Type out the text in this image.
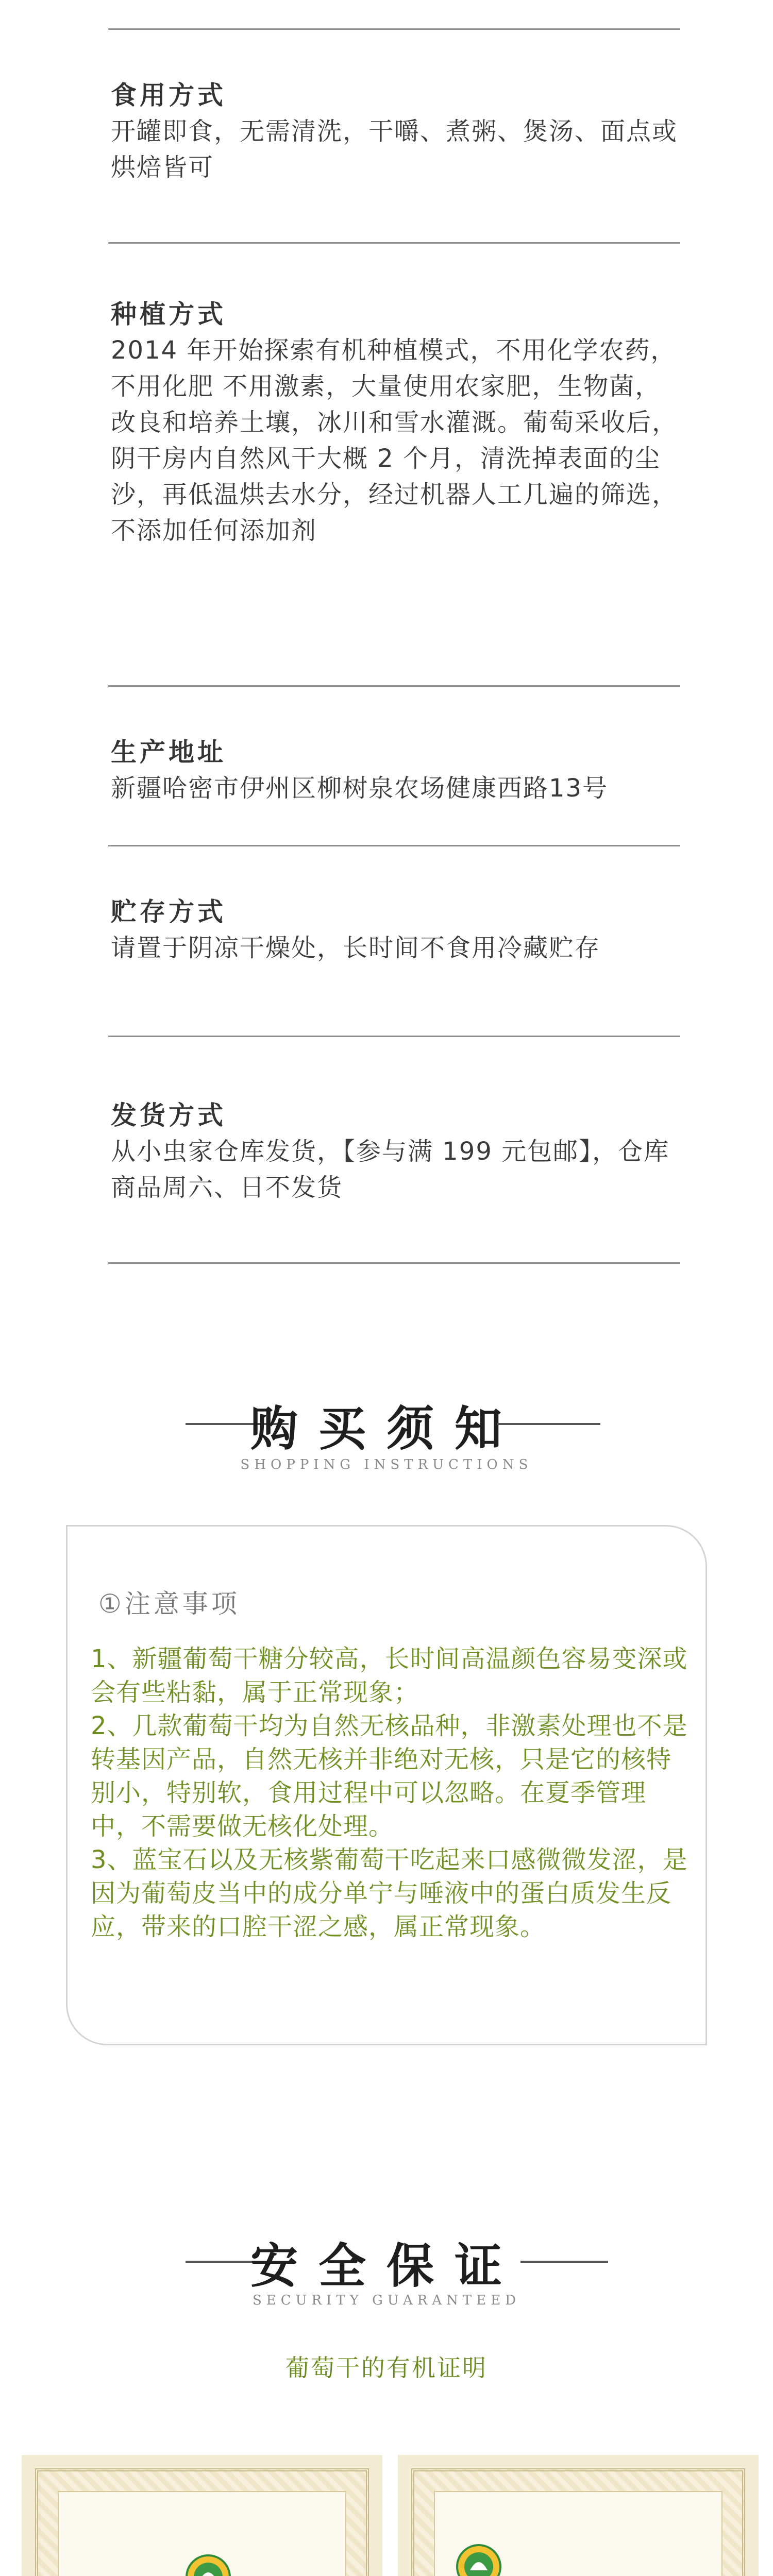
食用方式

开罐即食，无需清洗，干嚼、煮粥、煲汤、面点或烘焙皆可

种植方式

2014 年开始探索有机种植模式，不用化学农药，不用化肥 不用激素，大量使用农家肥，生物菌，改良和培养土壤，冰川和雪水灌溉。葡萄采收后，阴干房内自然风干大概 2 个月，清洗掉表面的尘沙，再低温烘去水分，经过机器人工几遍的筛选，不添加任何添加剂

生产地址

新疆哈密市伊州区柳树泉农场健康西路13号

贮存方式

请置于阴凉干燥处，长时间不食用冷藏贮存

发货方式

从小虫家仓库发货，【参与满 199 元包邮】，仓库商品周六、日不发货

购买须知

SHOPPING INSTRUCTIONS

①注意事项

1、新疆葡萄干糖分较高，长时间高温颜色容易变深或会有些粘黏，属于正常现象；

2、几款葡萄干均为自然无核品种，非激素处理也不是转基因产品，自然无核并非绝对无核，只是它的核特别小，特别软，食用过程中可以忽略。在夏季管理中，不需要做无核化处理。

3、蓝宝石以及无核紫葡萄干吃起来口感微微发涩，是因为葡萄皮当中的成分单宁与唾液中的蛋白质发生反应，带来的口腔干涩之感，属正常现象。

安全保证

SECURITY GUARANTEED

葡萄干的有机证明
